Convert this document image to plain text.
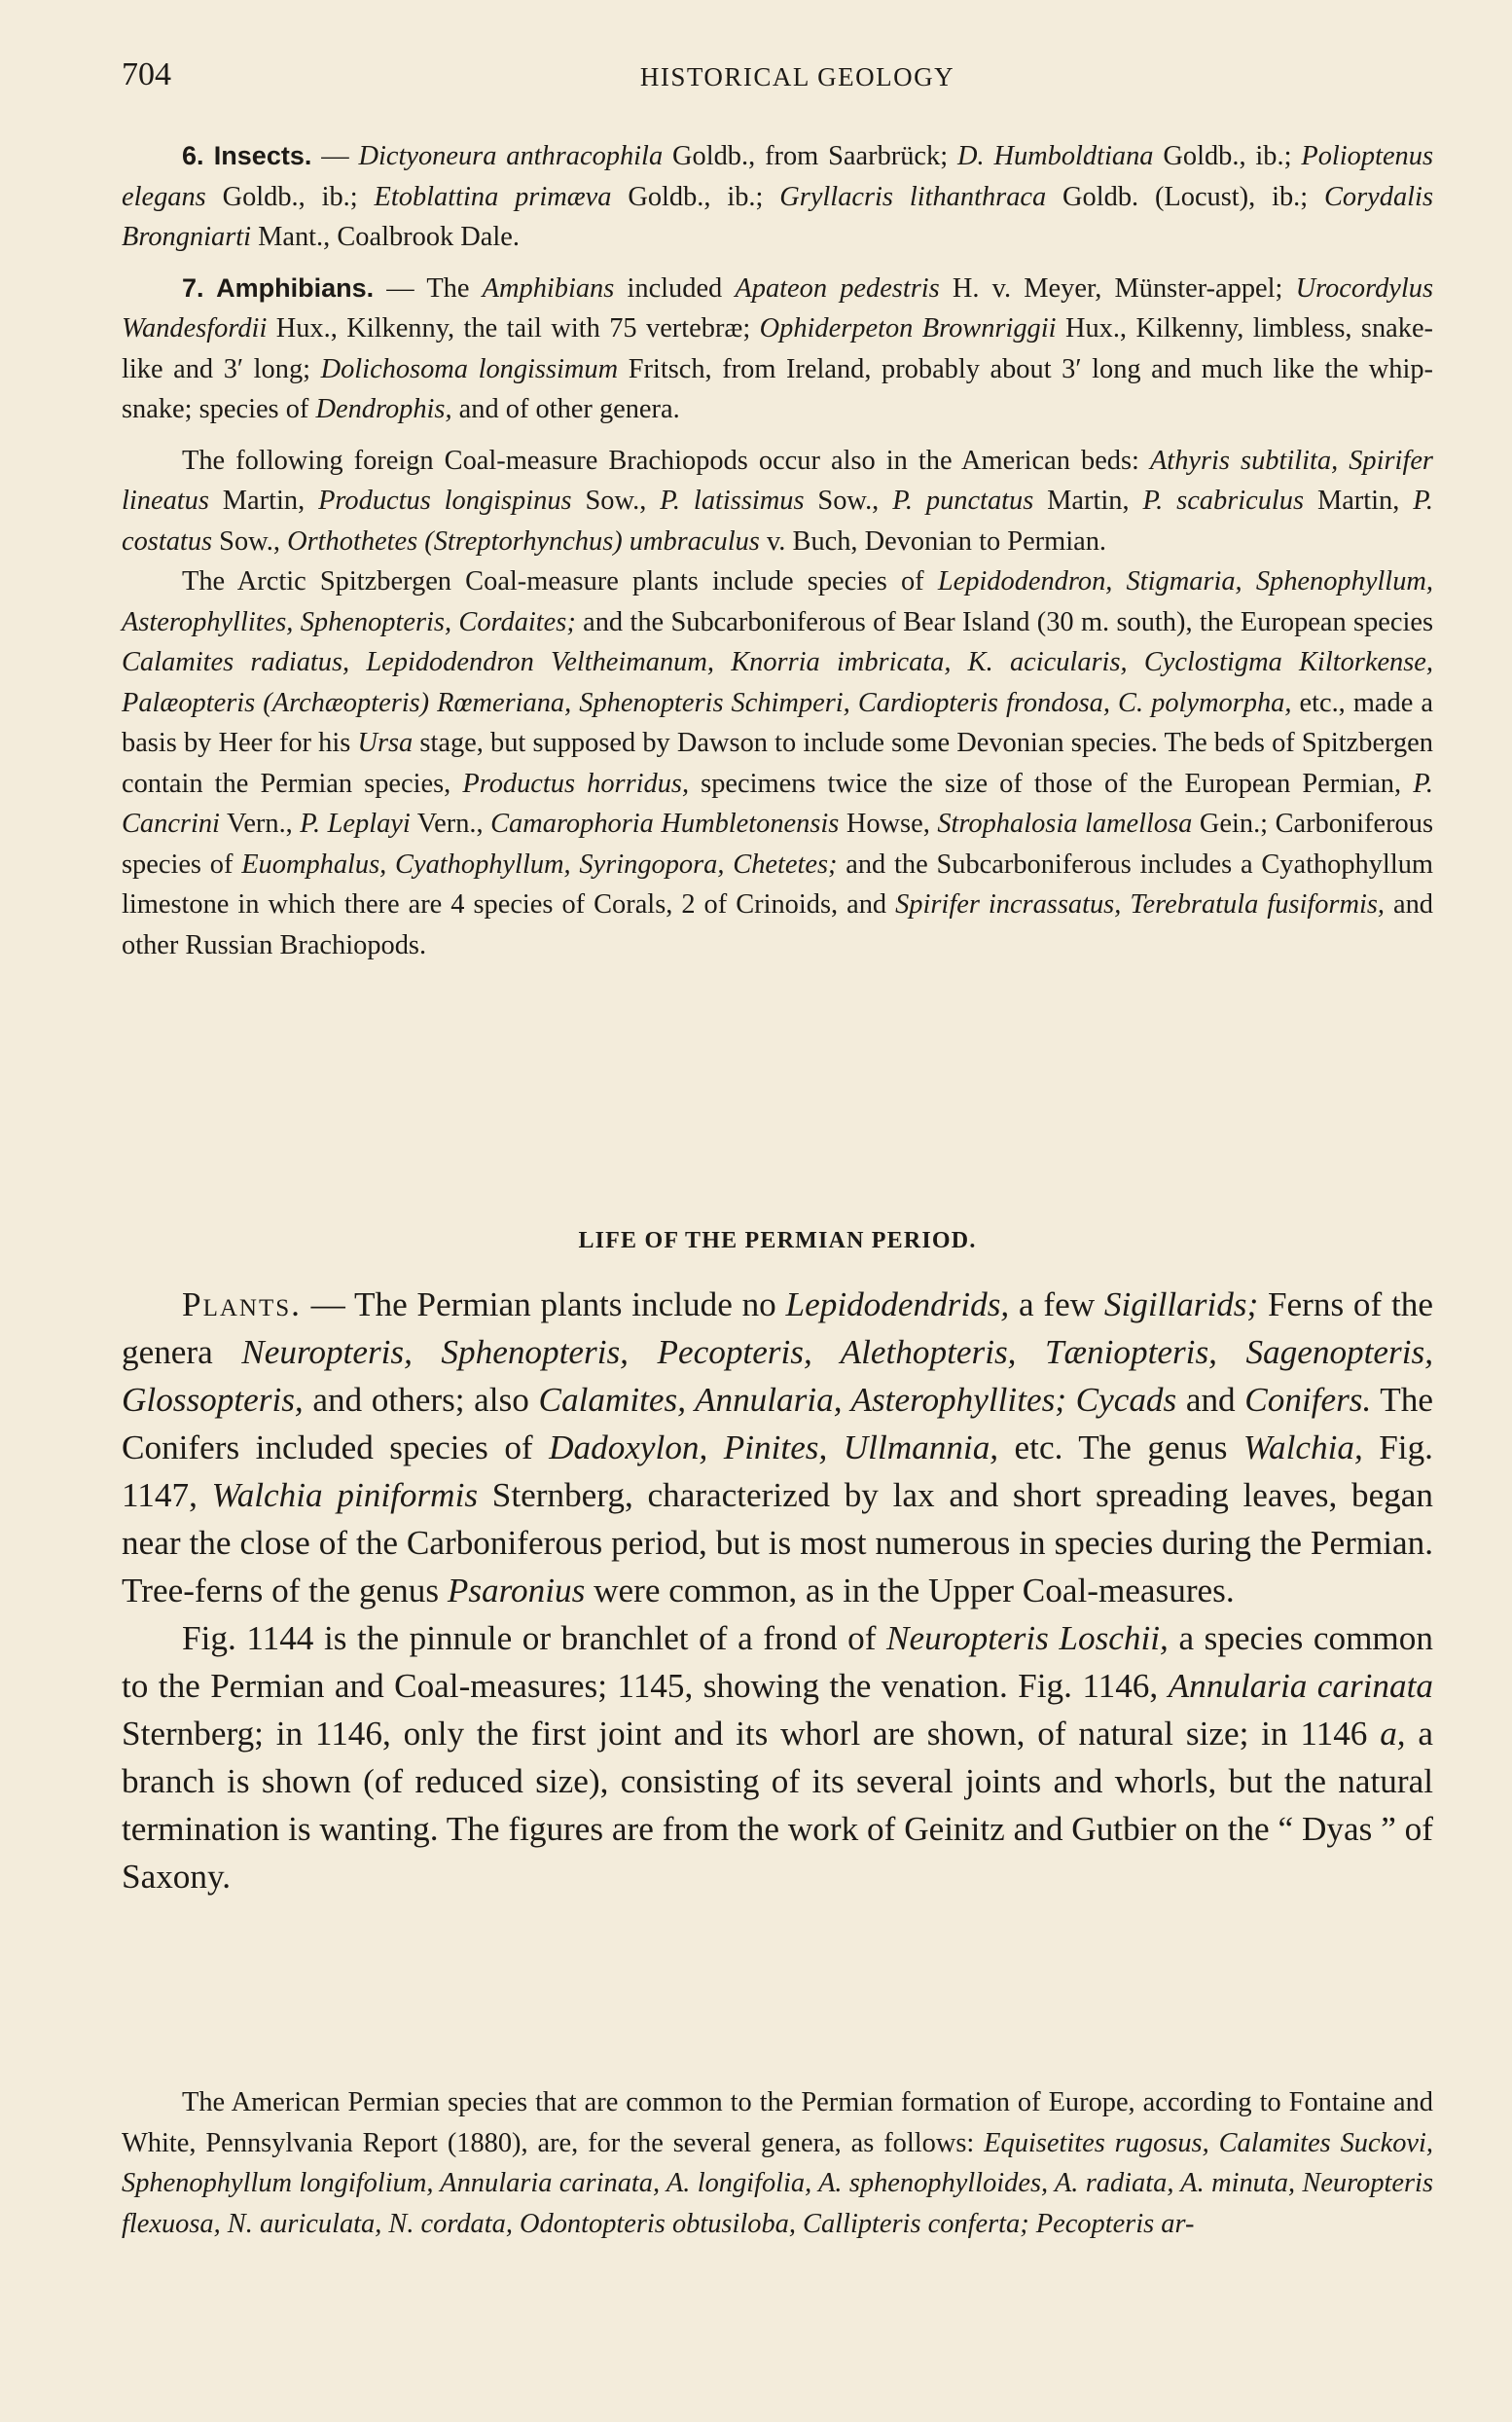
704	HISTORICAL GEOLOGY

6. Insects. — Dictyoneura anthracophila Goldb., from Saarbrück; D. Humboldtiana Goldb., ib.; Polioptenus elegans Goldb., ib.; Etoblattina primæva Goldb., ib.; Gryllacris lithanthraca Goldb. (Locust), ib.; Corydalis Brongniarti Mant., Coalbrook Dale.

7. Amphibians. — The Amphibians included Apateon pedestris H. v. Meyer, Münster-appel; Urocordylus Wandesfordii Hux., Kilkenny, the tail with 75 vertebræ; Ophiderpeton Brownriggii Hux., Kilkenny, limbless, snake-like and 3′ long; Dolichosoma longissimum Fritsch, from Ireland, probably about 3′ long and much like the whip-snake; species of Dendrophis, and of other genera.

The following foreign Coal-measure Brachiopods occur also in the American beds: Athyris subtilita, Spirifer lineatus Martin, Productus longispinus Sow., P. latissimus Sow., P. punctatus Martin, P. scabriculus Martin, P. costatus Sow., Orthothetes (Streptorhynchus) umbraculus v. Buch, Devonian to Permian.

The Arctic Spitzbergen Coal-measure plants include species of Lepidodendron, Stigmaria, Sphenophyllum, Asterophyllites, Sphenopteris, Cordaites; and the Subcarboniferous of Bear Island (30 m. south), the European species Calamites radiatus, Lepidodendron Veltheimanum, Knorria imbricata, K. acicularis, Cyclostigma Kiltorkense, Palæopteris (Archæopteris) Rœmeriana, Sphenopteris Schimperi, Cardiopteris frondosa, C. polymorpha, etc., made a basis by Heer for his Ursa stage, but supposed by Dawson to include some Devonian species. The beds of Spitzbergen contain the Permian species, Productus horridus, specimens twice the size of those of the European Permian, P. Cancrini Vern., P. Leplayi Vern., Camarophoria Humbletonensis Howse, Strophalosia lamellosa Gein.; Carboniferous species of Euomphalus, Cyathophyllum, Syringopora, Chetetes; and the Subcarboniferous includes a Cyathophyllum limestone in which there are 4 species of Corals, 2 of Crinoids, and Spirifer incrassatus, Terebratula fusiformis, and other Russian Brachiopods.

LIFE OF THE PERMIAN PERIOD.

Plants. — The Permian plants include no Lepidodendrids, a few Sigillarids; Ferns of the genera Neuropteris, Sphenopteris, Pecopteris, Alethopteris, Tæniopteris, Sagenopteris, Glossopteris, and others; also Calamites, Annularia, Asterophyllites; Cycads and Conifers. The Conifers included species of Dadoxylon, Pinites, Ullmannia, etc. The genus Walchia, Fig. 1147, Walchia piniformis Sternberg, characterized by lax and short spreading leaves, began near the close of the Carboniferous period, but is most numerous in species during the Permian. Tree-ferns of the genus Psaronius were common, as in the Upper Coal-measures.

Fig. 1144 is the pinnule or branchlet of a frond of Neuropteris Loschii, a species common to the Permian and Coal-measures; 1145, showing the venation. Fig. 1146, Annularia carinata Sternberg; in 1146, only the first joint and its whorl are shown, of natural size; in 1146 a, a branch is shown (of reduced size), consisting of its several joints and whorls, but the natural termination is wanting. The figures are from the work of Geinitz and Gutbier on the “ Dyas ” of Saxony.

The American Permian species that are common to the Permian formation of Europe, according to Fontaine and White, Pennsylvania Report (1880), are, for the several genera, as follows: Equisetites rugosus, Calamites Suckovi, Sphenophyllum longifolium, Annularia carinata, A. longifolia, A. sphenophylloides, A. radiata, A. minuta, Neuropteris flexuosa, N. auriculata, N. cordata, Odontopteris obtusiloba, Callipteris conferta; Pecopteris ar-
